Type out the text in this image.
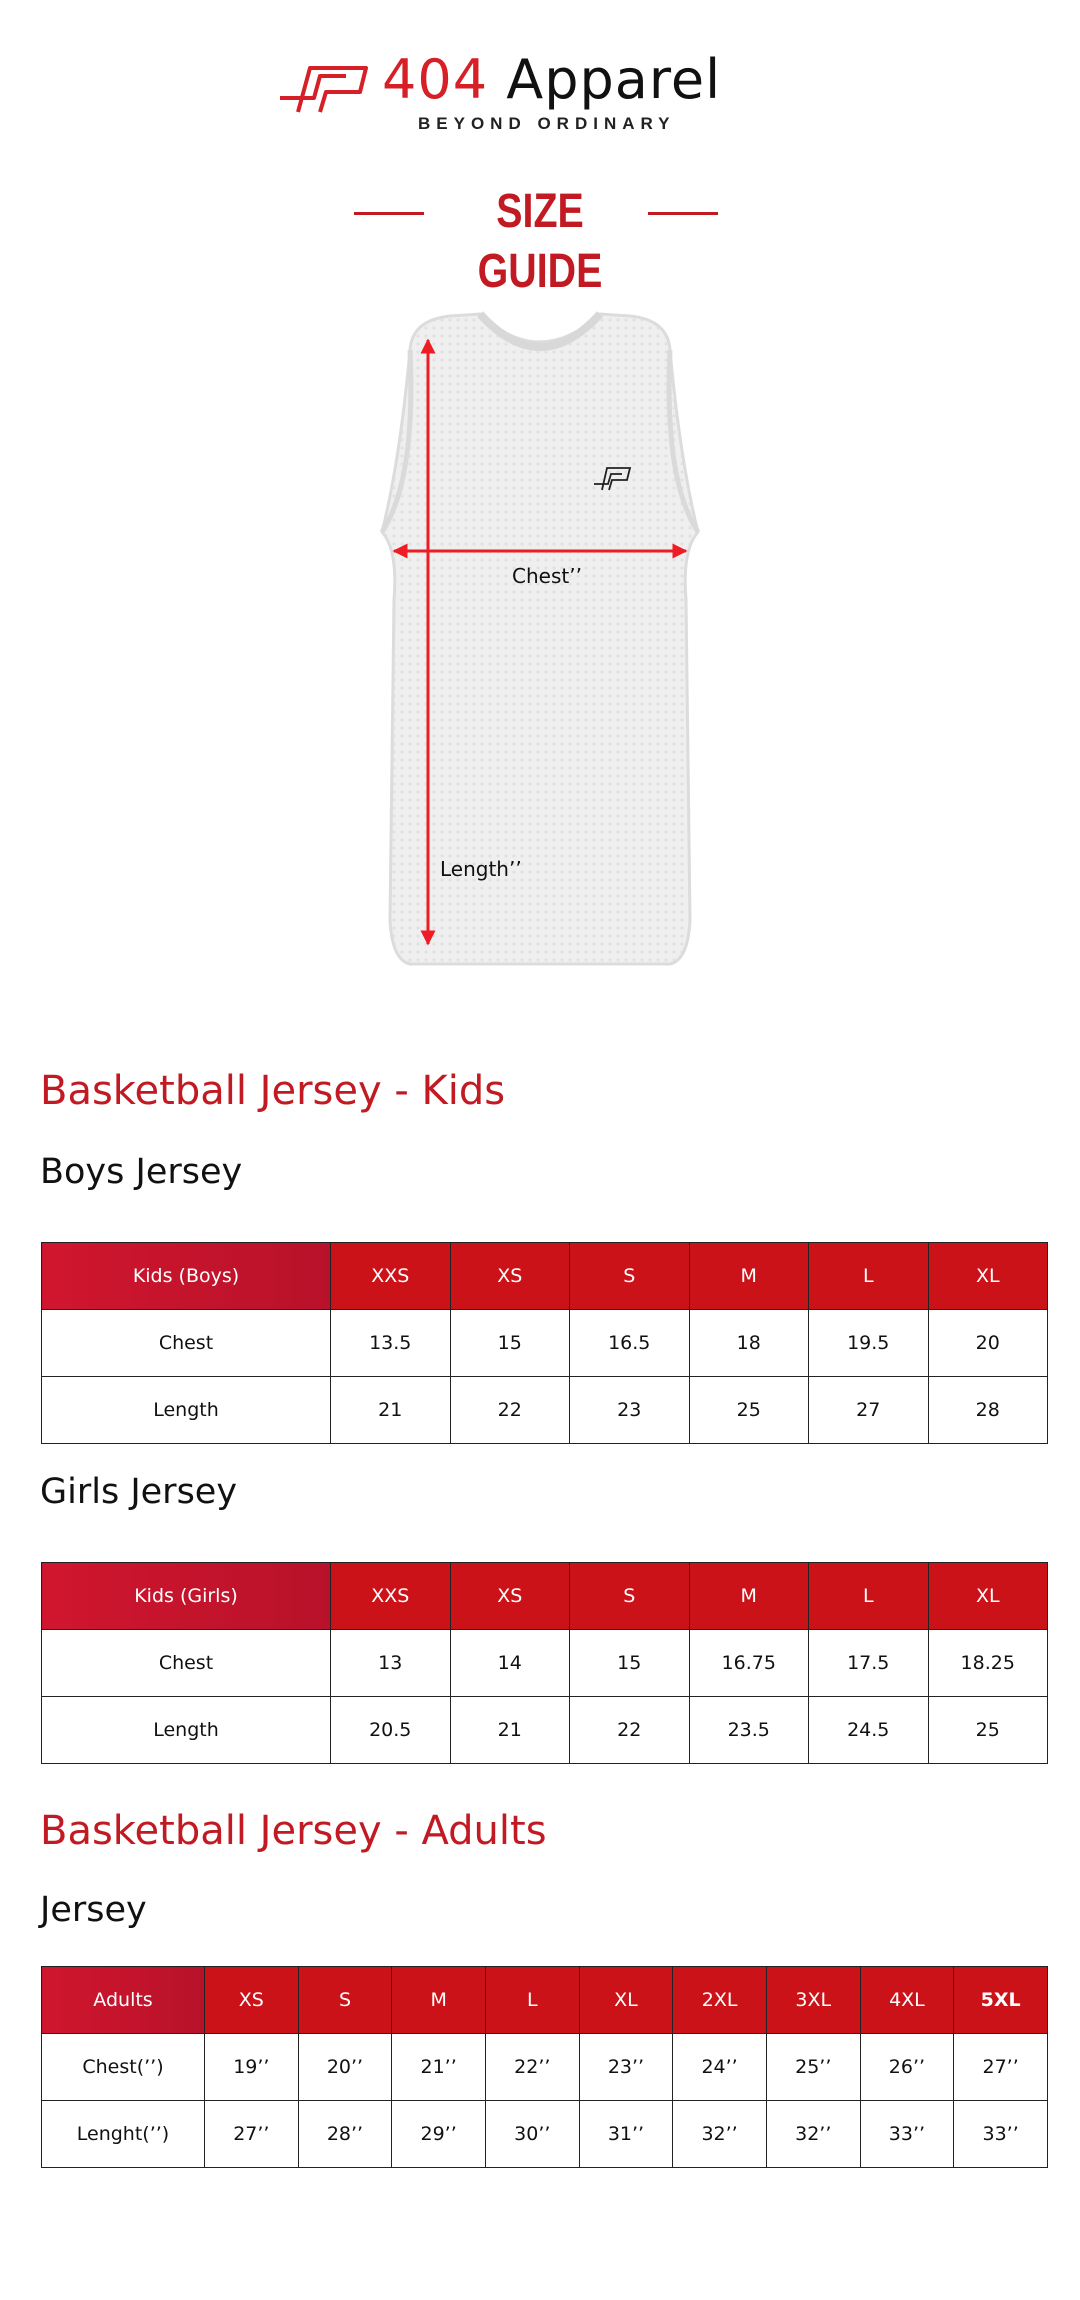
404 Apparel
BEYOND ORDINARY
SIZE GUIDE
Chest’’
Length’’
Basketball Jersey - Kids
Boys Jersey
Kids (Boys)	XXS	XS	S	M	L	XL
Chest	13.5	15	16.5	18	19.5	20
Length	21	22	23	25	27	28
Girls Jersey
Kids (Girls)	XXS	XS	S	M	L	XL
Chest	13	14	15	16.75	17.5	18.25
Length	20.5	21	22	23.5	24.5	25
Basketball Jersey - Adults
Jersey
Adults	XS	S	M	L	XL	2XL	3XL	4XL	5XL
Chest(’’)	19’’	20’’	21’’	22’’	23’’	24’’	25’’	26’’	27’’
Lenght(’’)	27’’	28’’	29’’	30’’	31’’	32’’	32’’	33’’	33’’
